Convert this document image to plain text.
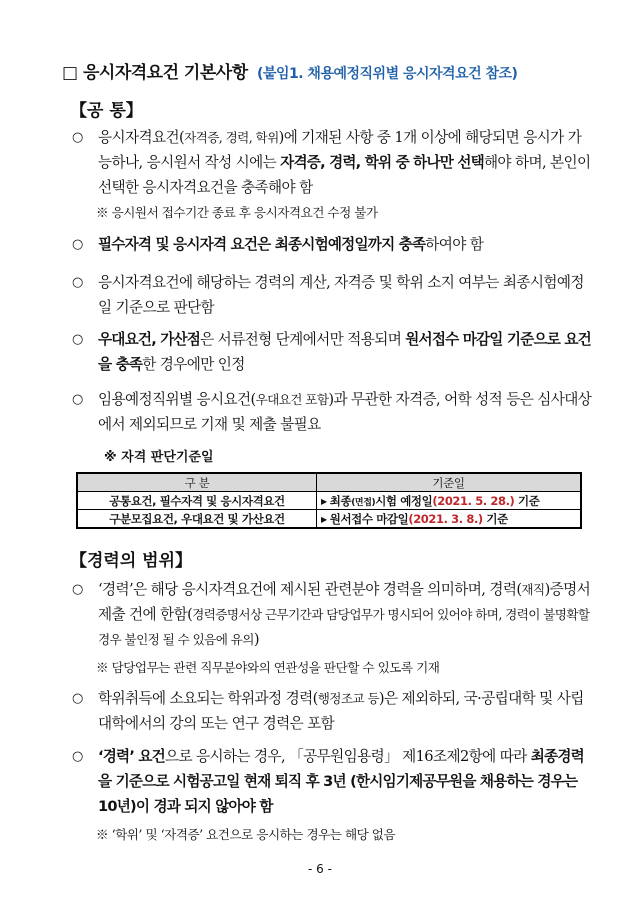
□ 응시자격요건 기본사항 (붙임1. 채용예정직위별 응시자격요건 참조)
【공 통】
○ 응시자격요건(자격증, 경력, 학위)에 기재된 사항 중 1개 이상에 해당되면 응시가 가능하나, 응시원서 작성 시에는 자격증, 경력, 학위 중 하나만 선택해야 하며, 본인이 선택한 응시자격요건을 충족해야 함
※ 응시원서 접수기간 종료 후 응시자격요건 수정 불가
○ 필수자격 및 응시자격 요건은 최종시험예정일까지 충족하여야 함
○ 응시자격요건에 해당하는 경력의 계산, 자격증 및 학위 소지 여부는 최종시험예정일 기준으로 판단함
○ 우대요건, 가산점은 서류전형 단계에서만 적용되며 원서접수 마감일 기준으로 요건을 충족한 경우에만 인정
○ 임용예정직위별 응시요건(우대요건 포함)과 무관한 자격증, 어학 성적 등은 심사대상에서 제외되므로 기재 및 제출 불필요
※ 자격 판단기준일
구 분	기준일
공통요건, 필수자격 및 응시자격요건	▶ 최종(면접)시험 예정일(2021. 5. 28.) 기준
구분모집요건, 우대요건 및 가산요건	▶ 원서접수 마감일(2021. 3. 8.) 기준
【경력의 범위】
○ ‘경력’은 해당 응시자격요건에 제시된 관련분야 경력을 의미하며, 경력(재직)증명서 제출 건에 한함(경력증명서상 근무기간과 담당업무가 명시되어 있어야 하며, 경력이 불명확할 경우 불인정 될 수 있음에 유의)
※ 담당업무는 관련 직무분야와의 연관성을 판단할 수 있도록 기재
○ 학위취득에 소요되는 학위과정 경력(행정조교 등)은 제외하되, 국·공립대학 및 사립대학에서의 강의 또는 연구 경력은 포함
○ ‘경력’ 요건으로 응시하는 경우, 「공무원임용령」 제16조제2항에 따라 최종경력을 기준으로 시험공고일 현재 퇴직 후 3년 (한시임기제공무원을 채용하는 경우는 10년)이 경과 되지 않아야 함
※ ‘학위’ 및 ‘자격증’ 요건으로 응시하는 경우는 해당 없음
- 6 -
